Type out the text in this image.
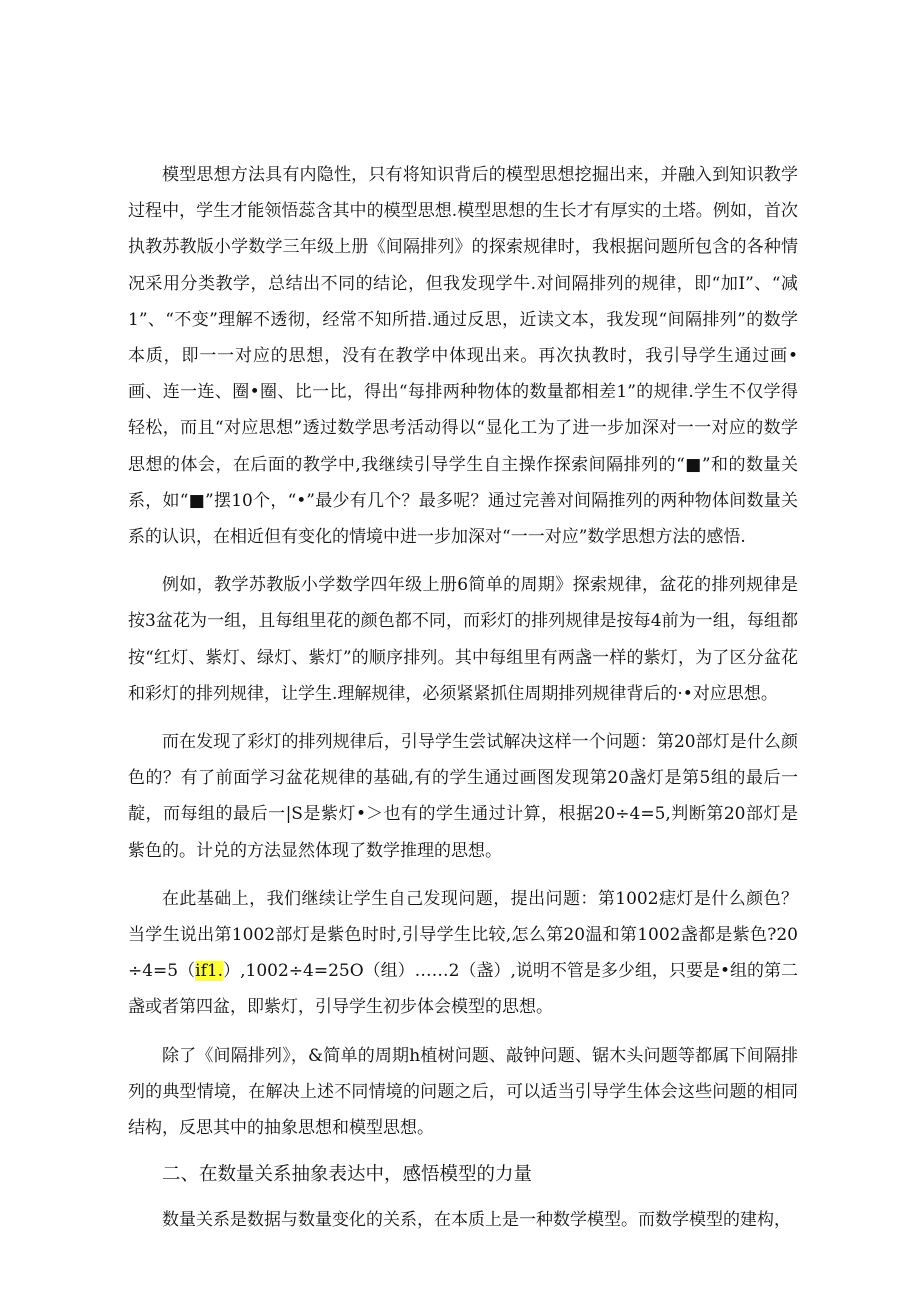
模型思想方法具有内隐性，只有将知识背后的模型思想挖掘出来，并融入到知识教学过程中，学生才能领悟蕊含其中的模型思想.模型思想的生长才有厚实的土塔。例如，首次执教苏教版小学数学三年级上册《间隔排列》的探索规律时，我根据问题所包含的各种情况采用分类教学，总结出不同的结论，但我发现学牛.对间隔排列的规律，即“加I”、“减1”、“不变”理解不透彻，经常不知所措.通过反思，近读文本，我发现“间隔排列”的数学本质，即一一对应的思想，没有在教学中体现出来。再次执教时，我引导学生通过画•画、连一连、圈•圈、比一比，得出“每排两种物体的数量都相差1”的规律.学生不仅学得轻松，而且“对应思想”透过数学思考活动得以“显化工为了进一步加深对一一对应的数学思想的体会，在后面的教学中,我继续引导学生自主操作探索间隔排列的“■”和的数量关系，如“■”摆10个，“•”最少有几个？最多呢？通过完善对间隔推列的两种物体间数量关系的认识，在相近但有变化的情境中进一步加深对“一一对应”数学思想方法的感悟.

例如，教学苏教版小学数学四年级上册6简单的周期》探索规律，盆花的排列规律是按3盆花为一组，且每组里花的颜色都不同，而彩灯的排列规律是按每4前为一组，每组都按“红灯、紫灯、绿灯、紫灯”的顺序排列。其中每组里有两盏一样的紫灯，为了区分盆花和彩灯的排列规律，让学生.理解规律，必须紧紧抓住周期排列规律背后的·•对应思想。

而在发现了彩灯的排列规律后，引导学生尝试解决这样一个问题：第20部灯是什么颜色的？有了前面学习盆花规律的基础,有的学生通过画图发现第20盏灯是第5组的最后一靛，而每组的最后一|S是紫灯•＞也有的学生通过计算，根据20÷4=5,判断第20部灯是紫色的。计兑的方法显然体现了数学推理的思想。

在此基础上，我们继续让学生自己发现问题，提出问题：第1002痣灯是什么颜色？当学生说出第1002部灯是紫色时时,引导学生比较,怎么第20温和第1002盏都是紫色?20÷4=5（if1.）,1002÷4=25O（组）……2（盏）,说明不管是多少组，只要是•组的第二盏或者第四盆，即紫灯，引导学生初步体会模型的思想。

除了《间隔排列》，&简单的周期h植树问题、敲钟问题、锯木头问题等都属下间隔排列的典型情境，在解决上述不同情境的问题之后，可以适当引导学生体会这些问题的相同结构，反思其中的抽象思想和模型思想。

二、在数量关系抽象表达中，感悟模型的力量

数量关系是数据与数量变化的关系，在本质上是一种数学模型。而数学模型的建构，
